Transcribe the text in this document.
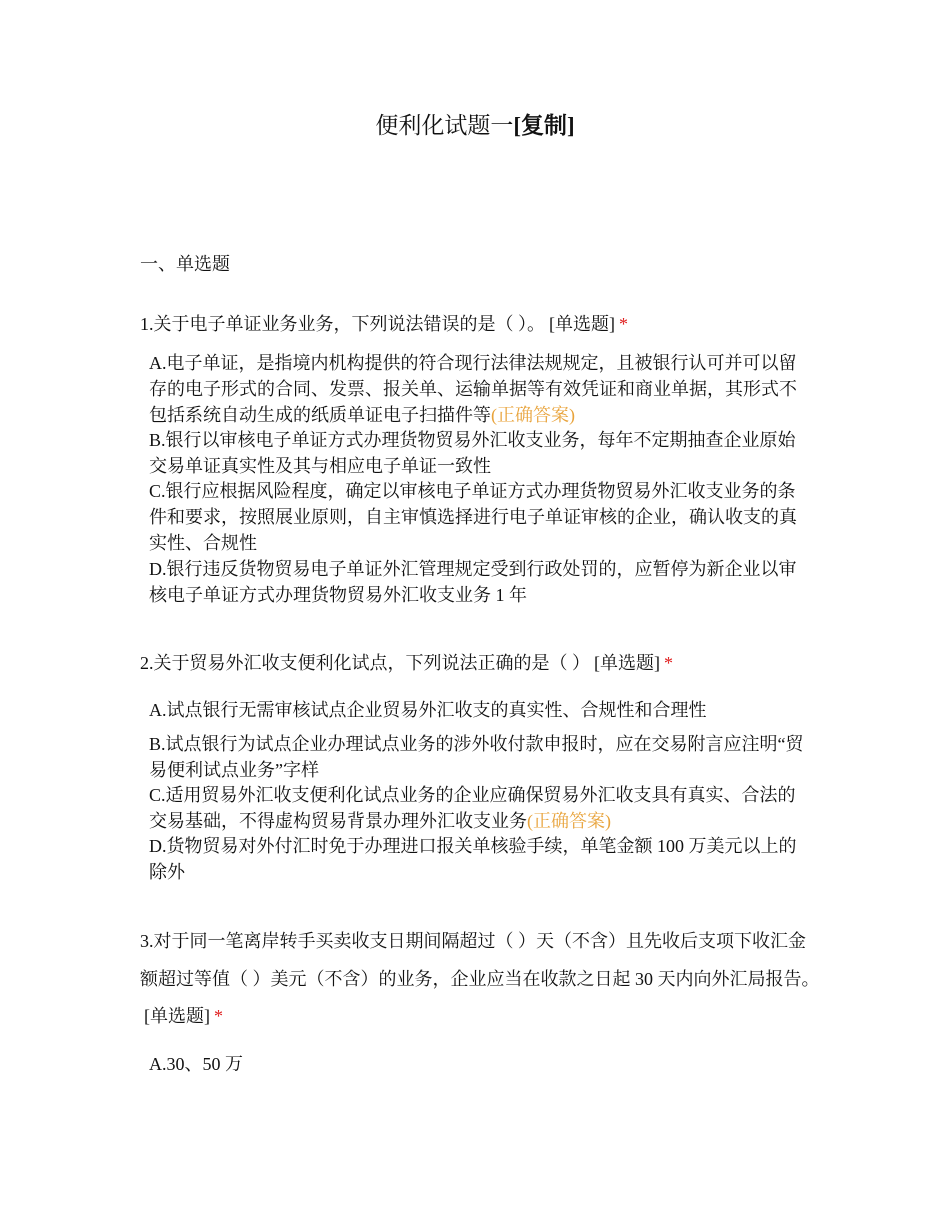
便利化试题一[复制]
一、单选题
1.关于电子单证业务业务，下列说法错误的是（ ）。 [单选题] *
A.电子单证，是指境内机构提供的符合现行法律法规规定，且被银行认可并可以留存的电子形式的合同、发票、报关单、运输单据等有效凭证和商业单据，其形式不包括系统自动生成的纸质单证电子扫描件等(正确答案)
B.银行以审核电子单证方式办理货物贸易外汇收支业务，每年不定期抽查企业原始交易单证真实性及其与相应电子单证一致性
C.银行应根据风险程度，确定以审核电子单证方式办理货物贸易外汇收支业务的条件和要求，按照展业原则，自主审慎选择进行电子单证审核的企业，确认收支的真实性、合规性
D.银行违反货物贸易电子单证外汇管理规定受到行政处罚的，应暂停为新企业以审核电子单证方式办理货物贸易外汇收支业务 1 年
2.关于贸易外汇收支便利化试点，下列说法正确的是（ ） [单选题] *
A.试点银行无需审核试点企业贸易外汇收支的真实性、合规性和合理性
B.试点银行为试点企业办理试点业务的涉外收付款申报时，应在交易附言应注明“贸易便利试点业务”字样
C.适用贸易外汇收支便利化试点业务的企业应确保贸易外汇收支具有真实、合法的交易基础，不得虚构贸易背景办理外汇收支业务(正确答案)
D.货物贸易对外付汇时免于办理进口报关单核验手续，单笔金额 100 万美元以上的除外
3.对于同一笔离岸转手买卖收支日期间隔超过（ ）天（不含）且先收后支项下收汇金额超过等值（ ）美元（不含）的业务，企业应当在收款之日起 30 天内向外汇局报告。[单选题] *
A.30、50 万
